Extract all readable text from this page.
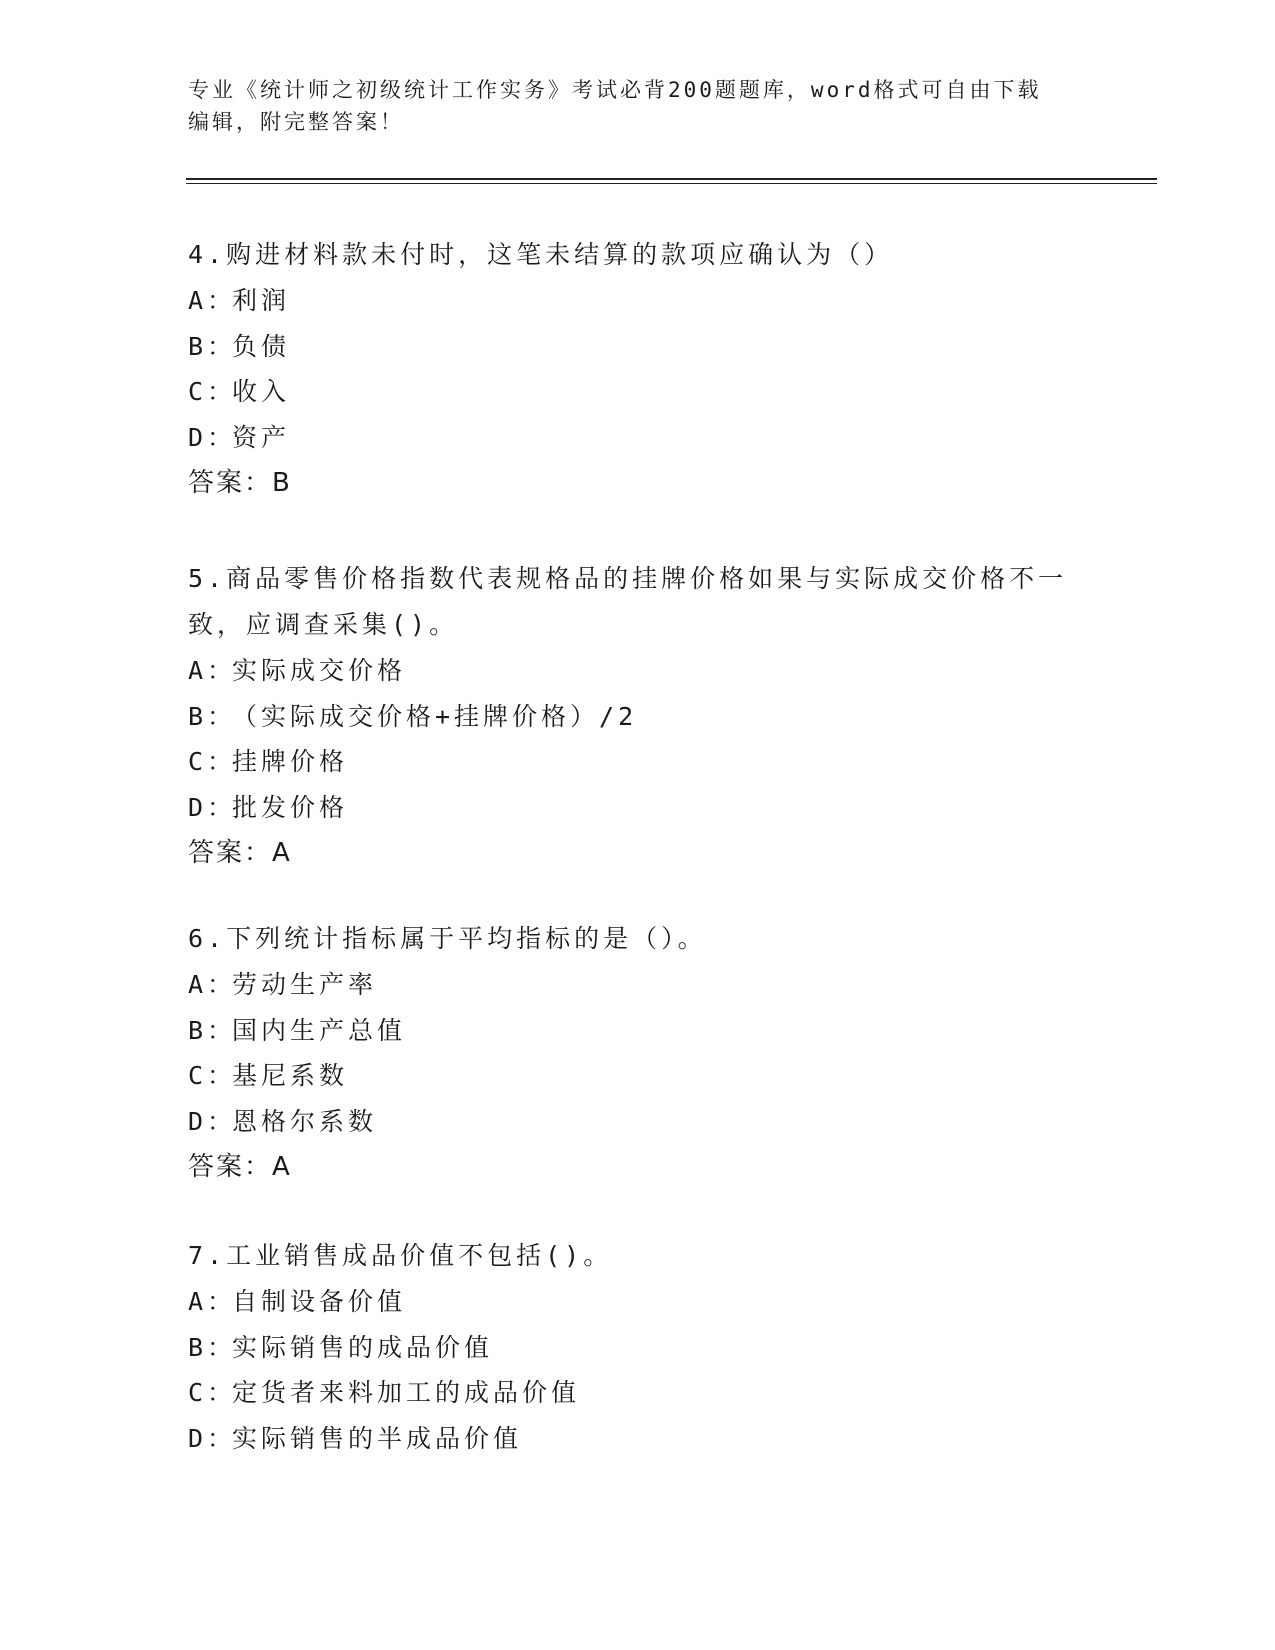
专业《统计师之初级统计工作实务》考试必背200题题库，word格式可自由下载
编辑，附完整答案！
4.购进材料款未付时，这笔未结算的款项应确认为（）
A：利润
B：负债
C：收入
D：资产
答案：B
5.商品零售价格指数代表规格品的挂牌价格如果与实际成交价格不一
致，应调查采集()。
A：实际成交价格
B：（实际成交价格+挂牌价格）/2
C：挂牌价格
D：批发价格
答案：A
6.下列统计指标属于平均指标的是（）。
A：劳动生产率
B：国内生产总值
C：基尼系数
D：恩格尔系数
答案：A
7.工业销售成品价值不包括()。
A：自制设备价值
B：实际销售的成品价值
C：定货者来料加工的成品价值
D：实际销售的半成品价值
